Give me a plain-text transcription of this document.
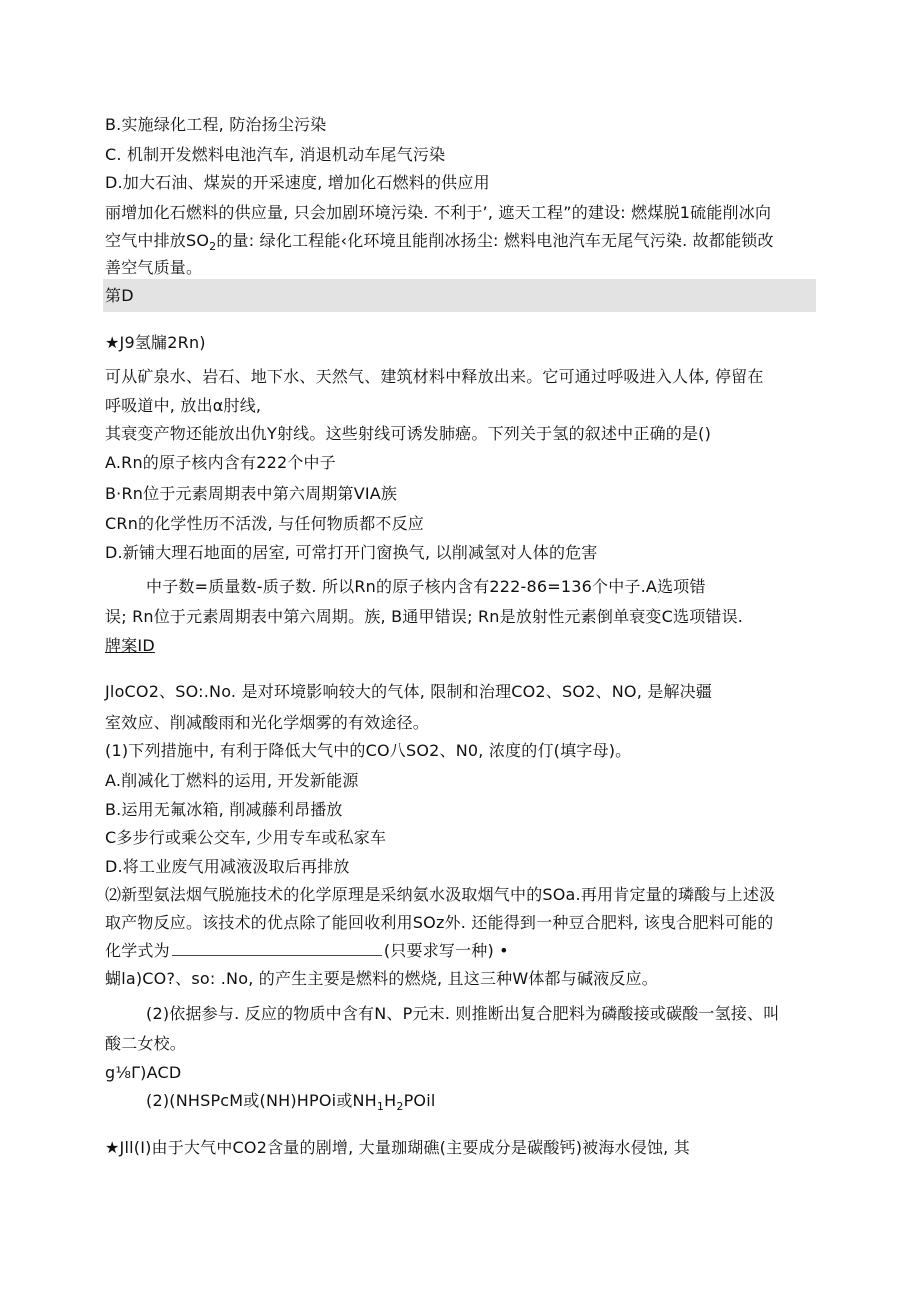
B.实施绿化工程, 防治扬尘污染
C. 机制开发燃料电池汽车, 消退机动车尾气污染
D.加大石油、煤炭的开采速度, 增加化石燃料的供应用
丽增加化石燃料的供应量, 只会加剧环境污染. 不利于’, 遮天工程”的建设: 燃煤脱1硫能削冰向
空气中排放$SO_2$的量: 绿化工程能‹化环境且能削冰扬尘: 燃料电池汽车无尾气污染. 故都能锁改
善空气质量。
第D
★J9氢牖2Rn)
可从矿泉水、岩石、地下水、天然气、建筑材料中释放出来。它可通过呼吸进入人体, 停留在
呼吸道中, 放出α肘线,
其衰变产物还能放出仇Y射线。这些射线可诱发肺癌。下列关于氢的叙述中正确的是()
A.Rn的原子核内含有222个中子
B·Rn位于元素周期表中第六周期第VIA族
CRn的化学性历不活泼, 与任何物质都不反应
D.新铺大理石地面的居室, 可常打开门窗换气, 以削减氢对人体的危害
中子数=质量数-质子数. 所以Rn的原子核内含有222-86=136个中子.A选项错
误; Rn位于元素周期表中第六周期。族, B通甲错误; Rn是放射性元素倒单衰变C选项错误.
牌案ID
JloCO2、SO:.No. 是对环境影响较大的气体, 限制和治理CO2、SO2、NO, 是解决疆
室效应、削减酸雨和光化学烟雾的有效途径。
(1)下列措施中, 有利于降低大气中的CO八SO2、N0, 浓度的仃(填字母)。
A.削减化丁燃料的运用, 开发新能源
B.运用无氟冰箱, 削减藤利昂播放
C多步行或乘公交车, 少用专车或私家车
D.将工业废气用减液汲取后再排放
⑵新型氨法烟气脱施技术的化学原理是采纳氨水汲取烟气中的SOa.再用肯定量的璘酸与上述汲
取产物反应。该技术的优点除了能回收利用SOz外. 还能得到一种豆合肥料, 该曳合肥料可能的
化学式为	(只要求写一种) •
蝴la)CO?、so: .No, 的产生主要是燃料的燃烧, 且这三种W体都与碱液反应。
(2)依据参与. 反应的物质中含有N、P元末. 则推断出复合肥料为磷酸接或碳酸一氢接、叫
酸二女校。
g⅛Γ)ACD
(2)(NHSPcM或(NH)HPOi或$NH_1H_2POil$
★Jll(I)由于大气中CO2含量的剧增, 大量珈瑚礁(主要成分是碳酸钙)被海水侵蚀, 其
